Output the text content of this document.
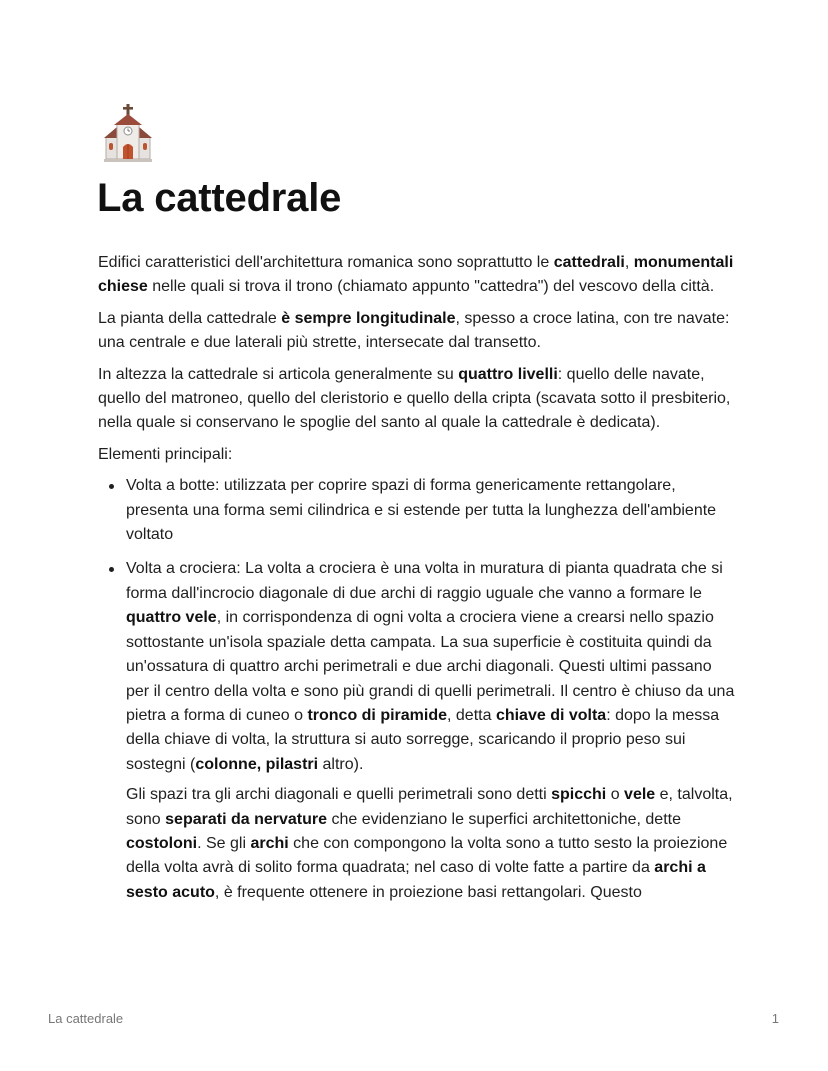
La cattedrale

Edifici caratteristici dell'architettura romanica sono soprattutto le cattedrali, monumentali chiese nelle quali si trova il trono (chiamato appunto "cattedra") del vescovo della città.

La pianta della cattedrale è sempre longitudinale, spesso a croce latina, con tre navate: una centrale e due laterali più strette, intersecate dal transetto.

In altezza la cattedrale si articola generalmente su quattro livelli: quello delle navate, quello del matroneo, quello del cleristorio e quello della cripta (scavata sotto il presbiterio, nella quale si conservano le spoglie del santo al quale la cattedrale è dedicata).

Elementi principali:

Volta a botte: utilizzata per coprire spazi di forma genericamente rettangolare, presenta una forma semi cilindrica e si estende per tutta la lunghezza dell'ambiente voltato

Volta a crociera: La volta a crociera è una volta in muratura di pianta quadrata che si forma dall'incrocio diagonale di due archi di raggio uguale che vanno a formare le quattro vele, in corrispondenza di ogni volta a crociera viene a crearsi nello spazio sottostante un'isola spaziale detta campata. La sua superficie è costituita quindi da un'ossatura di quattro archi perimetrali e due archi diagonali. Questi ultimi passano per il centro della volta e sono più grandi di quelli perimetrali. Il centro è chiuso da una pietra a forma di cuneo o tronco di piramide, detta chiave di volta: dopo la messa della chiave di volta, la struttura si auto sorregge, scaricando il proprio peso sui sostegni (colonne, pilastri altro).

Gli spazi tra gli archi diagonali e quelli perimetrali sono detti spicchi o vele e, talvolta, sono separati da nervature che evidenziano le superfici architettoniche, dette costoloni. Se gli archi che con compongono la volta sono a tutto sesto la proiezione della volta avrà di solito forma quadrata; nel caso di volte fatte a partire da archi a sesto acuto, è frequente ottenere in proiezione basi rettangolari. Questo

La cattedrale	1
